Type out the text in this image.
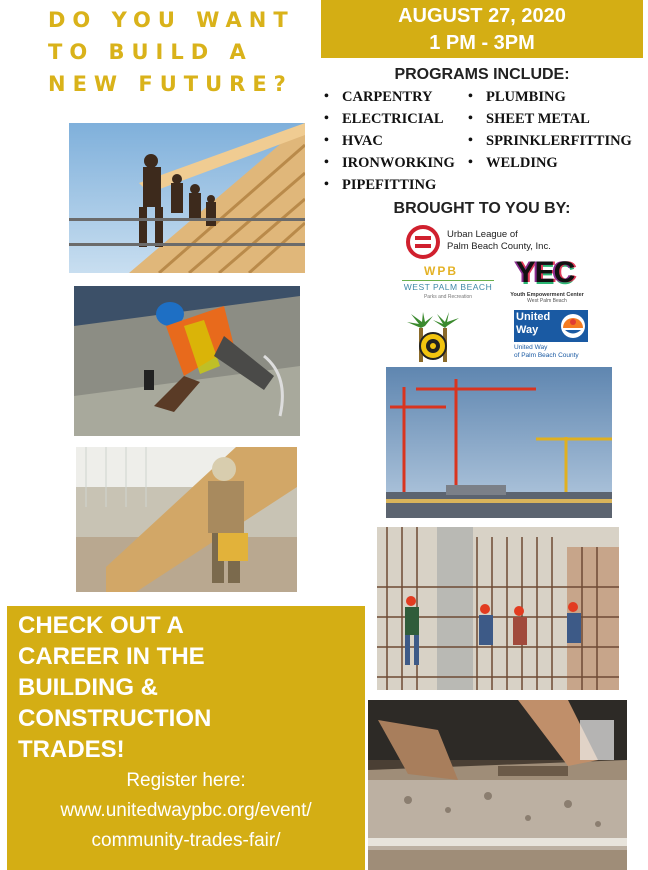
DO YOU WANT
TO BUILD A
NEW FUTURE?
AUGUST 27, 2020
1 PM - 3PM
PROGRAMS INCLUDE:
• CARPENTRY
• ELECTRICIAL
• HVAC
• IRONWORKING
• PIPEFITTING
• PLUMBING
• SHEET METAL
• SPRINKLERFITTING
• WELDING
BROUGHT TO YOU BY:
Urban League of
Palm Beach County, Inc.
WPB
WEST PALM BEACH
Parks and Recreation
YEC
Youth Empowerment Center
West Palm Beach
United
Way
United Way
of Palm Beach County
CHECK OUT A
CAREER IN THE
BUILDING &
CONSTRUCTION
TRADES!
Register here:
www.unitedwaypbc.org/event/
community-trades-fair/
